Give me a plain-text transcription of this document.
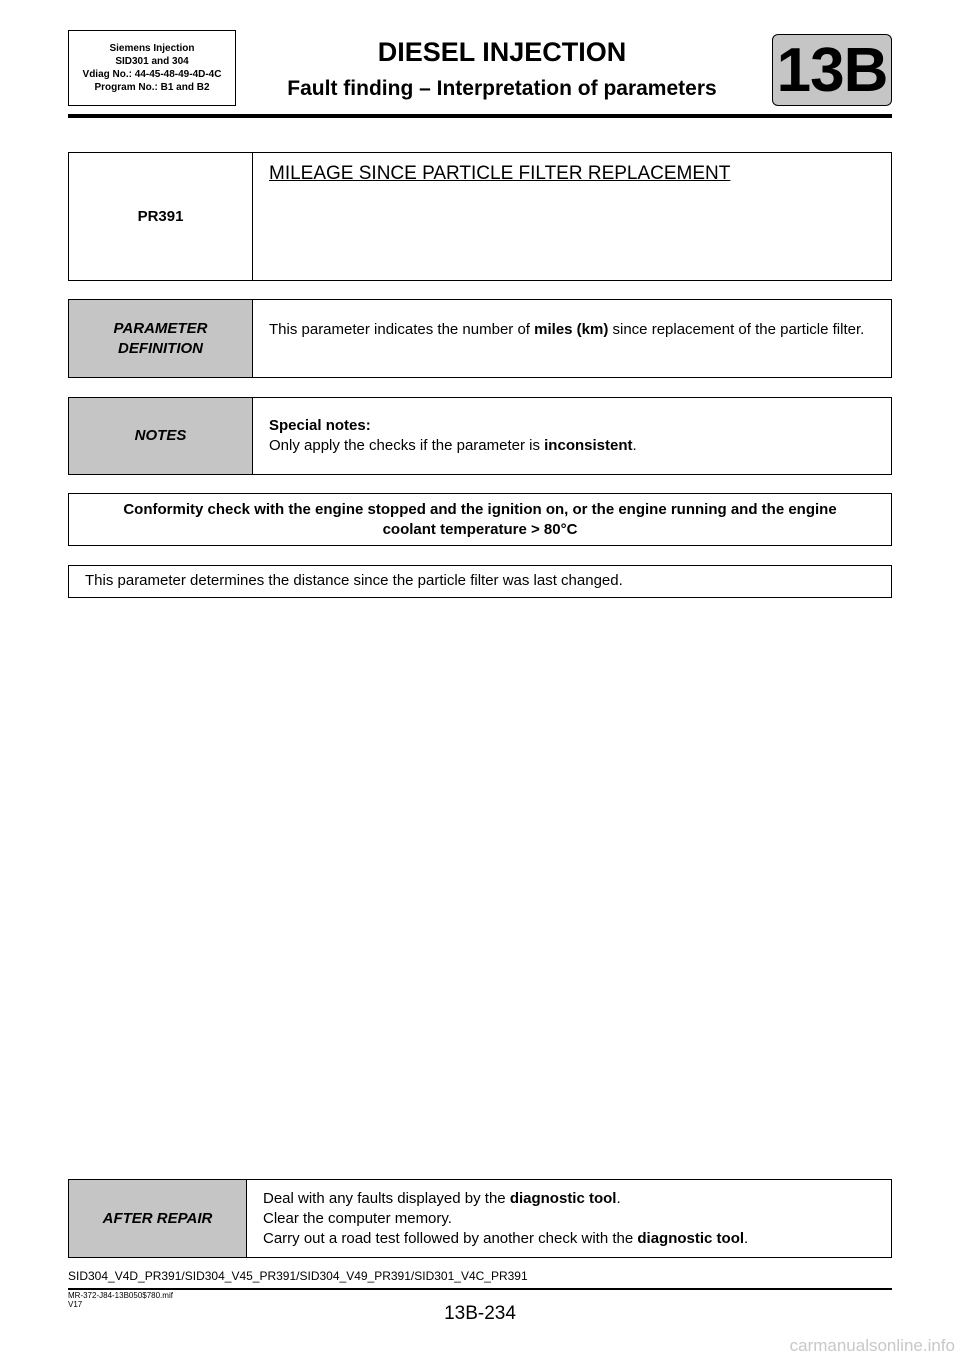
Siemens Injection
SID301 and 304
Vdiag No.: 44-45-48-49-4D-4C
Program No.: B1 and B2
DIESEL INJECTION
Fault finding – Interpretation of parameters 13B
PR391
MILEAGE SINCE PARTICLE FILTER REPLACEMENT
PARAMETER
DEFINITION
This parameter indicates the number of miles (km) since replacement of the particle filter.
NOTES
Special notes:
Only apply the checks if the parameter is inconsistent.
Conformity check with the engine stopped and the ignition on, or the engine running and the engine
coolant temperature > 80°C
This parameter determines the distance since the particle filter was last changed.
AFTER REPAIR
Deal with any faults displayed by the diagnostic tool.
Clear the computer memory.
Carry out a road test followed by another check with the diagnostic tool.
SID304_V4D_PR391/SID304_V45_PR391/SID304_V49_PR391/SID301_V4C_PR391
MR-372-J84-13B050$780.mif
V17	13B-234
carmanualsonline.info
